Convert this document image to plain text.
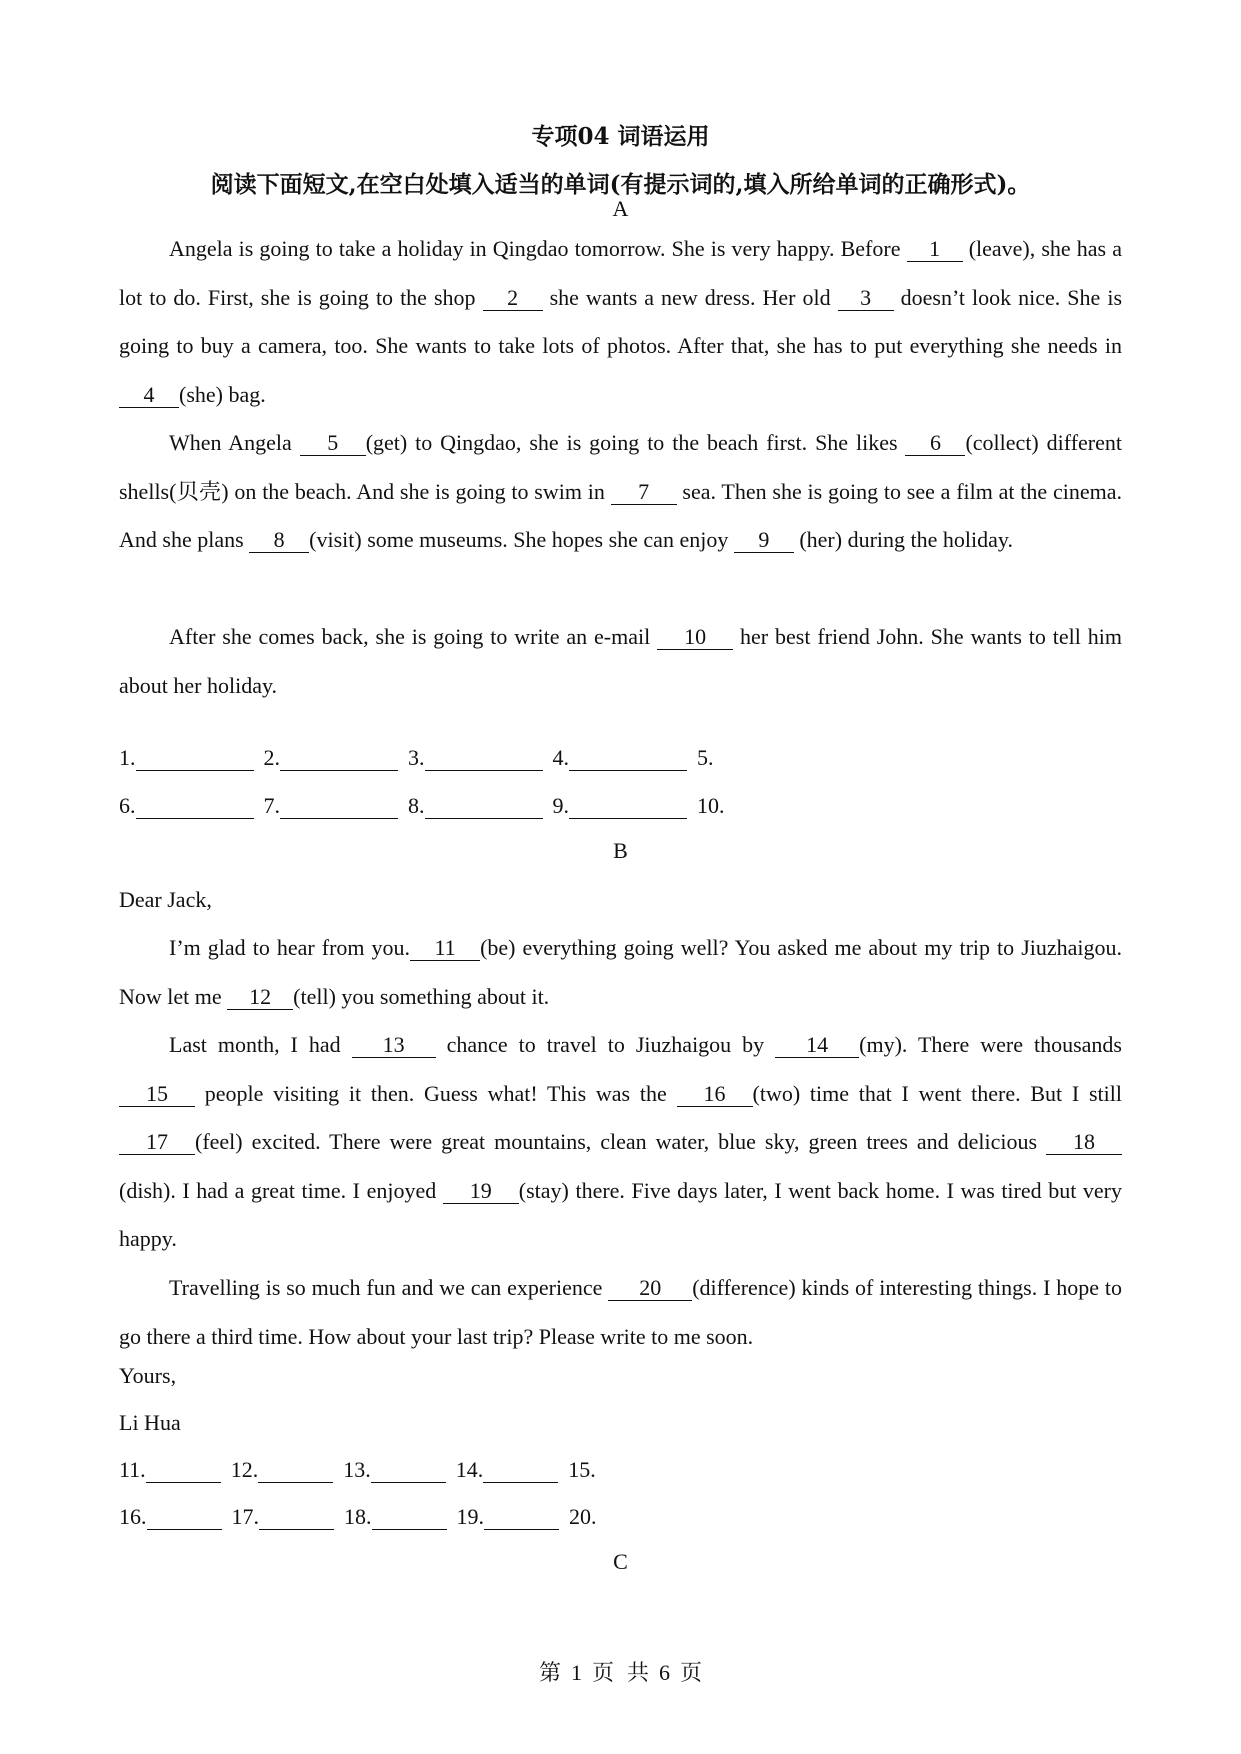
专项04 词语运用
阅读下面短文,在空白处填入适当的单词(有提示词的,填入所给单词的正确形式)。
A

Angela is going to take a holiday in Qingdao tomorrow. She is very happy. Before 1 (leave), she has a lot to do. First, she is going to the shop 2 she wants a new dress. Her old 3 doesn’t look nice. She is going to buy a camera, too. She wants to take lots of photos. After that, she has to put everything she needs in 4 (she) bag.

When Angela 5 (get) to Qingdao, she is going to the beach first. She likes 6 (collect) different shells(贝壳) on the beach. And she is going to swim in 7 sea. Then she is going to see a film at the cinema. And she plans 8 (visit) some museums. She hopes she can enjoy 9 (her) during the holiday.

After she comes back, she is going to write an e-mail 10 her best friend John. She wants to tell him about her holiday.

1.	2.	3.	4.	5.
6.	7.	8.	9.	10.
B

Dear Jack,

I’m glad to hear from you. 11 (be) everything going well? You asked me about my trip to Jiuzhaigou. Now let me 12 (tell) you something about it.

Last month, I had 13 chance to travel to Jiuzhaigou by 14 (my). There were thousands 15 people visiting it then. Guess what! This was the 16 (two) time that I went there. But I still 17 (feel) excited. There were great mountains, clean water, blue sky, green trees and delicious 18(dish). I had a great time. I enjoyed 19 (stay) there. Five days later, I went back home. I was tired but very happy.

Travelling is so much fun and we can experience 20 (difference) kinds of interesting things. I hope to go there a third time. How about your last trip? Please write to me soon.

Yours,

Li Hua

11.	12.	13.	14.	15.
16.	17.	18.	19.	20.
C
第 1 页 共 6 页
